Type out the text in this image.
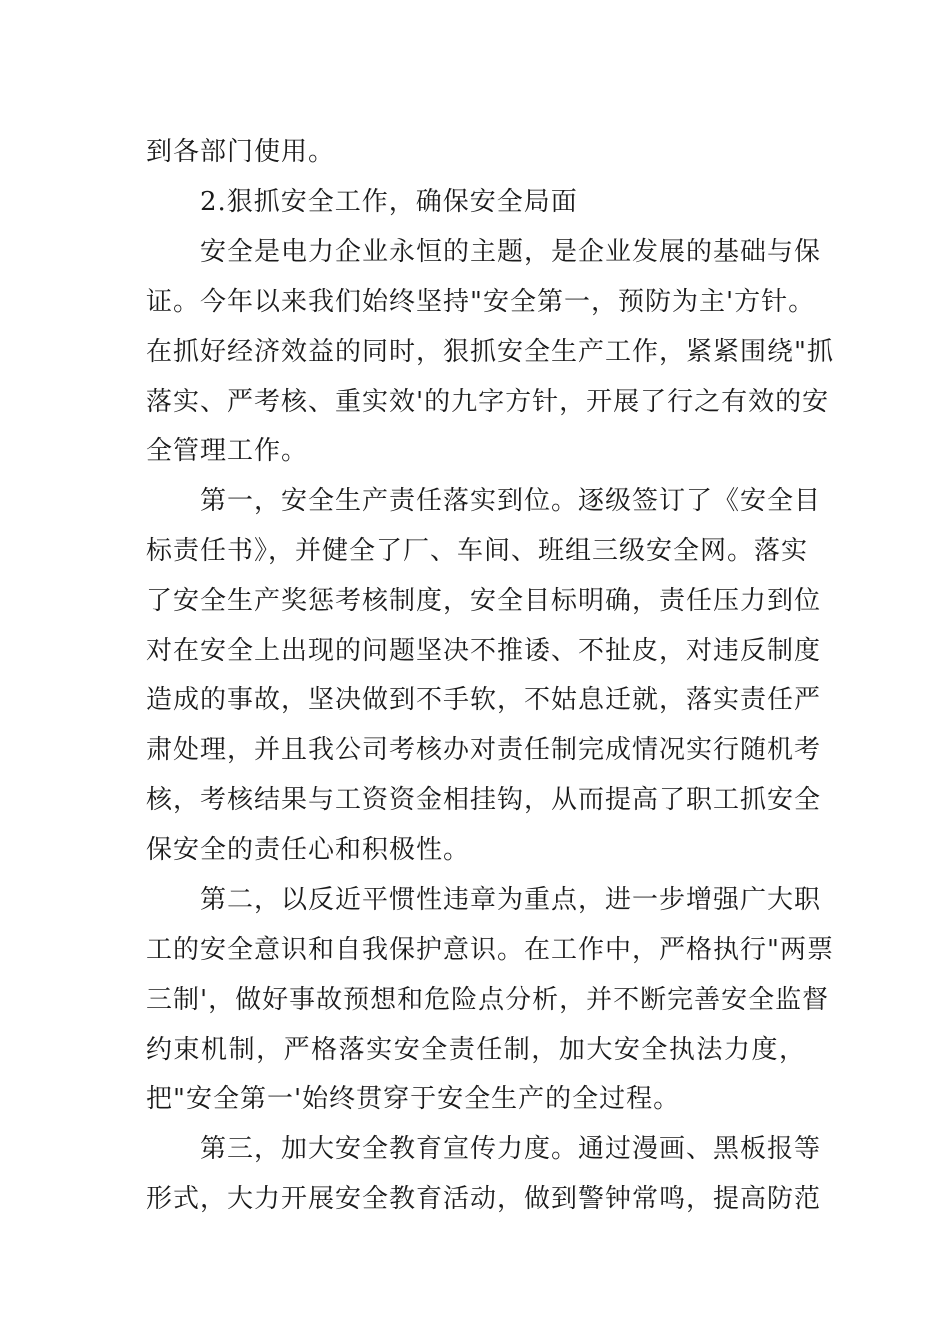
到各部门使用。
2.狠抓安全工作，确保安全局面
安全是电力企业永恒的主题，是企业发展的基础与保
证。今年以来我们始终坚持"安全第一，预防为主'方针。
在抓好经济效益的同时，狠抓安全生产工作，紧紧围绕"抓
落实、严考核、重实效'的九字方针，开展了行之有效的安
全管理工作。
第一，安全生产责任落实到位。逐级签订了《安全目
标责任书》，并健全了厂、车间、班组三级安全网。落实
了安全生产奖惩考核制度，安全目标明确，责任压力到位
对在安全上出现的问题坚决不推诿、不扯皮，对违反制度
造成的事故，坚决做到不手软，不姑息迁就，落实责任严
肃处理，并且我公司考核办对责任制完成情况实行随机考
核，考核结果与工资资金相挂钩，从而提高了职工抓安全
保安全的责任心和积极性。
第二，以反近平惯性违章为重点，进一步增强广大职
工的安全意识和自我保护意识。在工作中，严格执行"两票
三制'，做好事故预想和危险点分析，并不断完善安全监督
约束机制，严格落实安全责任制，加大安全执法力度，
把"安全第一'始终贯穿于安全生产的全过程。
第三，加大安全教育宣传力度。通过漫画、黑板报等
形式，大力开展安全教育活动，做到警钟常鸣，提高防范
